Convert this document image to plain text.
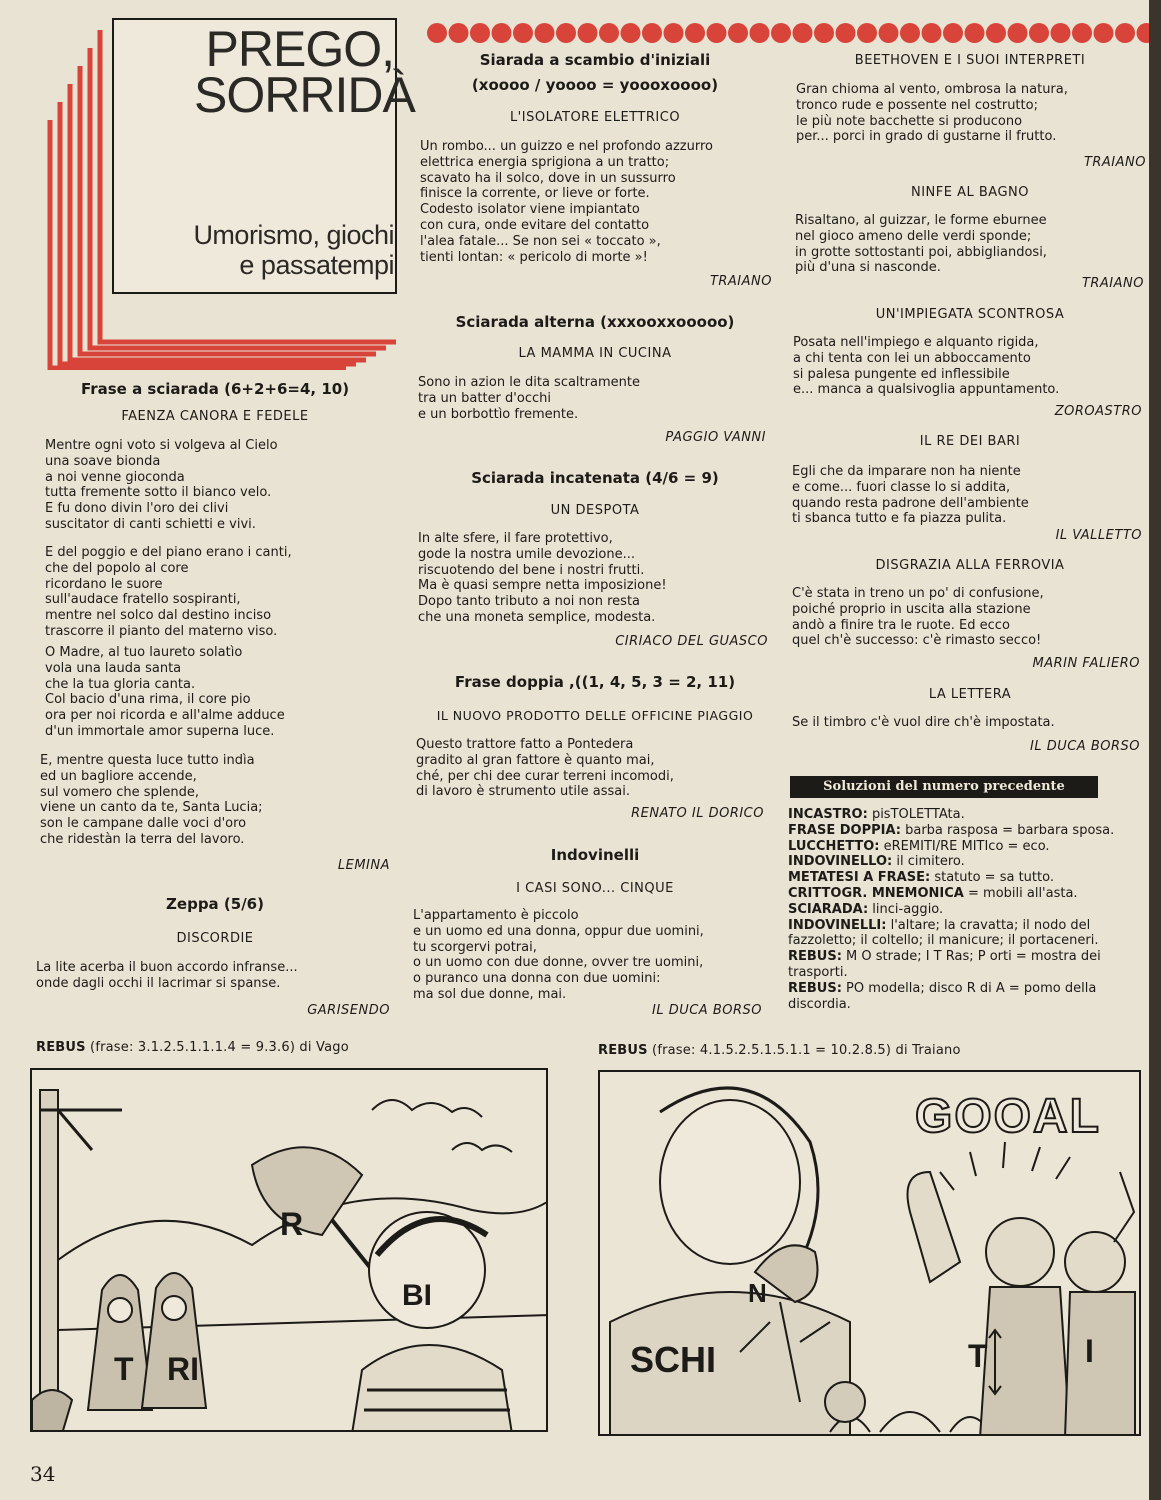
PREGO,
SORRIDÀ
Umorismo, giochi
e passatempi
Frase a sciarada (6+2+6=4, 10)
FAENZA CANORA E FEDELE
Mentre ogni voto si volgeva al Cielo
una soave bionda
a noi venne gioconda
tutta fremente sotto il bianco velo.
E fu dono divin l'oro dei clivi
suscitator di canti schietti e vivi.
E del poggio e del piano erano i canti,
che del popolo al core
ricordano le suore
sull'audace fratello sospiranti,
mentre nel solco dal destino inciso
trascorre il pianto del materno viso.
O Madre, al tuo laureto solatìo
vola una lauda santa
che la tua gloria canta.
Col bacio d'una rima, il core pio
ora per noi ricorda e all'alme adduce
d'un immortale amor superna luce.
E, mentre questa luce tutto indìa
ed un bagliore accende,
sul vomero che splende,
viene un canto da te, Santa Lucia;
son le campane dalle voci d'oro
che ridestàn la terra del lavoro.
LEMINA
Zeppa (5/6)
DISCORDIE
La lite acerba il buon accordo infranse...
onde dagli occhi il lacrimar si spanse.
GARISENDO
Siarada a scambio d'iniziali
(xoooo / yoooo = yoooxoooo)
L'ISOLATORE ELETTRICO
Un rombo... un guizzo e nel profondo azzurro
elettrica energia sprigiona a un tratto;
scavato ha il solco, dove in un sussurro
finisce la corrente, or lieve or forte.
Codesto isolator viene impiantato
con cura, onde evitare del contatto
l'alea fatale... Se non sei « toccato »,
tienti lontan: « pericolo di morte »!
TRAIANO
Sciarada alterna (xxxooxxooooo)
LA MAMMA IN CUCINA
Sono in azion le dita scaltramente
tra un batter d'occhi
e un borbottìo fremente.
PAGGIO VANNI
Sciarada incatenata (4/6 = 9)
UN DESPOTA
In alte sfere, il fare protettivo,
gode la nostra umile devozione...
riscuotendo del bene i nostri frutti.
Ma è quasi sempre netta imposizione!
Dopo tanto tributo a noi non resta
che una moneta semplice, modesta.
CIRIACO DEL GUASCO
Frase doppia ,((1, 4, 5, 3 = 2, 11)
IL NUOVO PRODOTTO DELLE OFFICINE PIAGGIO
Questo trattore fatto a Pontedera
gradito al gran fattore è quanto mai,
ché, per chi dee curar terreni incomodi,
di lavoro è strumento utile assai.
RENATO IL DORICO
Indovinelli
I CASI SONO... CINQUE
L'appartamento è piccolo
e un uomo ed una donna, oppur due uomini,
tu scorgervi potrai,
o un uomo con due donne, ovver tre uomini,
o puranco una donna con due uomini:
ma sol due donne, mai.
IL DUCA BORSO
BEETHOVEN E I SUOI INTERPRETI
Gran chioma al vento, ombrosa la natura,
tronco rude e possente nel costrutto;
le più note bacchette si producono
per... porci in grado di gustarne il frutto.
TRAIANO
NINFE AL BAGNO
Risaltano, al guizzar, le forme eburnee
nel gioco ameno delle verdi sponde;
in grotte sottostanti poi, abbigliandosi,
più d'una si nasconde.
TRAIANO
UN'IMPIEGATA SCONTROSA
Posata nell'impiego e alquanto rigida,
a chi tenta con lei un abboccamento
si palesa pungente ed inflessibile
e... manca a qualsivoglia appuntamento.
ZOROASTRO
IL RE DEI BARI
Egli che da imparare non ha niente
e come... fuori classe lo si addita,
quando resta padrone dell'ambiente
ti sbanca tutto e fa piazza pulita.
IL VALLETTO
DISGRAZIA ALLA FERROVIA
C'è stata in treno un po' di confusione,
poiché proprio in uscita alla stazione
andò a finire tra le ruote. Ed ecco
quel ch'è successo: c'è rimasto secco!
MARIN FALIERO
LA LETTERA
Se il timbro c'è vuol dire ch'è impostata.
IL DUCA BORSO
Soluzioni del numero precedente
INCASTRO: pisTOLETTAta.
FRASE DOPPIA: barba rasposa = barbara sposa.
LUCCHETTO: eREMITI/RE MITIco = eco.
INDOVINELLO: il cimitero.
METATESI A FRASE: statuto = sa tutto.
CRITTOGR. MNEMONICA = mobili all'asta.
SCIARADA: linci-aggio.
INDOVINELLI: l'altare; la cravatta; il nodo del fazzoletto; il coltello; il manicure; il portaceneri.
REBUS: M O strade; I T Ras; P orti = mostra dei trasporti.
REBUS: PO modella; disco R di A = pomo della discordia.
REBUS (frase: 3.1.2.5.1.1.1.4 = 9.3.6) di Vago	REBUS (frase: 4.1.5.2.5.1.5.1.1 = 10.2.8.5) di Traiano
R
BI
T RI
GOOAL
N
SCHI	T	I
34
